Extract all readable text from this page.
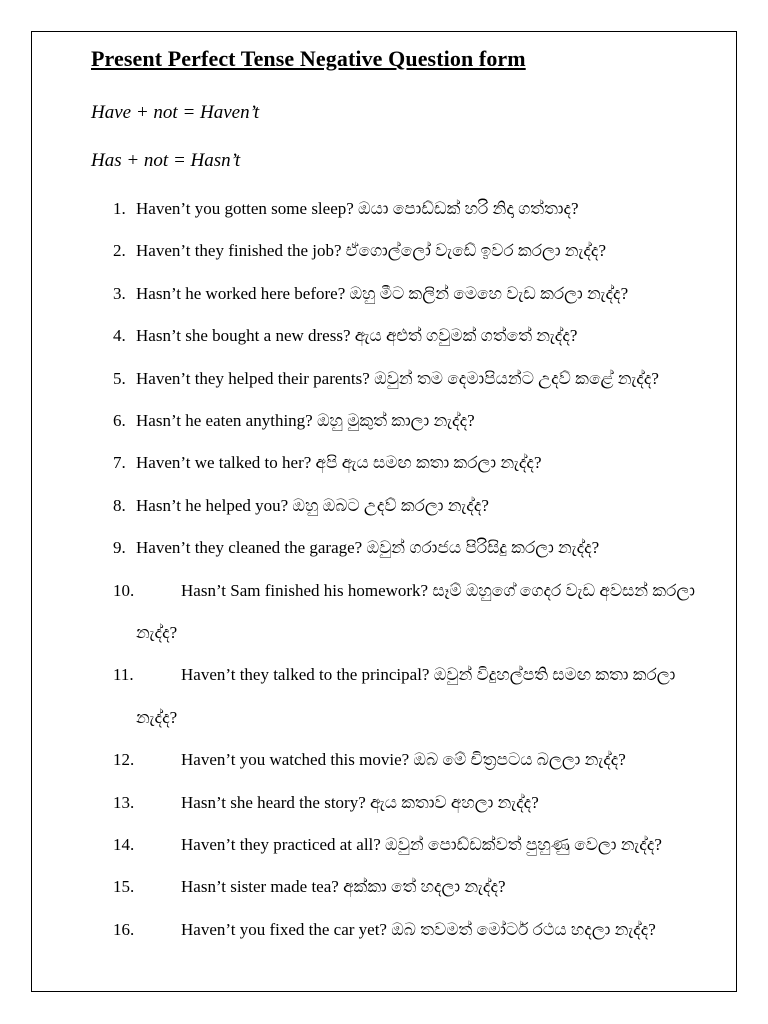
Present Perfect Tense Negative Question form
Have + not = Haven’t
Has + not = Hasn’t
1. Haven’t you gotten some sleep? ඔයා පොඩ්ඩක් හරි නිදා ගත්තාද?
2. Haven’t they finished the job? ඒගොල්ලෝ වැඩේ ඉවර කරලා නැද්ද?
3. Hasn’t he worked here before? ඔහු මීට කලින් මෙහෙ වැඩ කරලා නැද්ද?
4. Hasn’t she bought a new dress? ඇය අළුත් ගවුමක් ගත්තේ නැද්ද?
5. Haven’t they helped their parents? ඔවුන් තම දෙමාපියන්ට උදව් කළේ නැද්ද?
6. Hasn’t he eaten anything? ඔහු මුකුත් කාලා නැද්ද?
7. Haven’t we talked to her? අපි ඇය සමඟ කතා කරලා නැද්ද?
8. Hasn’t he helped you? ඔහු ඔබට උදව් කරලා නැද්ද?
9. Haven’t they cleaned the garage? ඔවුන් ගරාජය පිරිසිදු කරලා නැද්ද?
10.	Hasn’t Sam finished his homework? සෑම් ඔහුගේ ගෙදර වැඩ අවසන් කරලා
නැද්ද?
11.	Haven’t they talked to the principal? ඔවුන් විදුහල්පති සමඟ කතා කරලා
නැද්ද?
12.	Haven’t you watched this movie? ඔබ මේ චිත්‍රපටය බලලා නැද්ද?
13.	Hasn’t she heard the story? ඇය කතාව අහලා නැද්ද?
14.	Haven’t they practiced at all? ඔවුන් පොඩ්ඩක්වත් පුහුණු වෙලා නැද්ද?
15.	Hasn’t sister made tea? අක්කා තේ හදලා නැද්ද?
16.	Haven’t you fixed the car yet? ඔබ තවමත් මෝටර් රථය හදලා නැද්ද?
